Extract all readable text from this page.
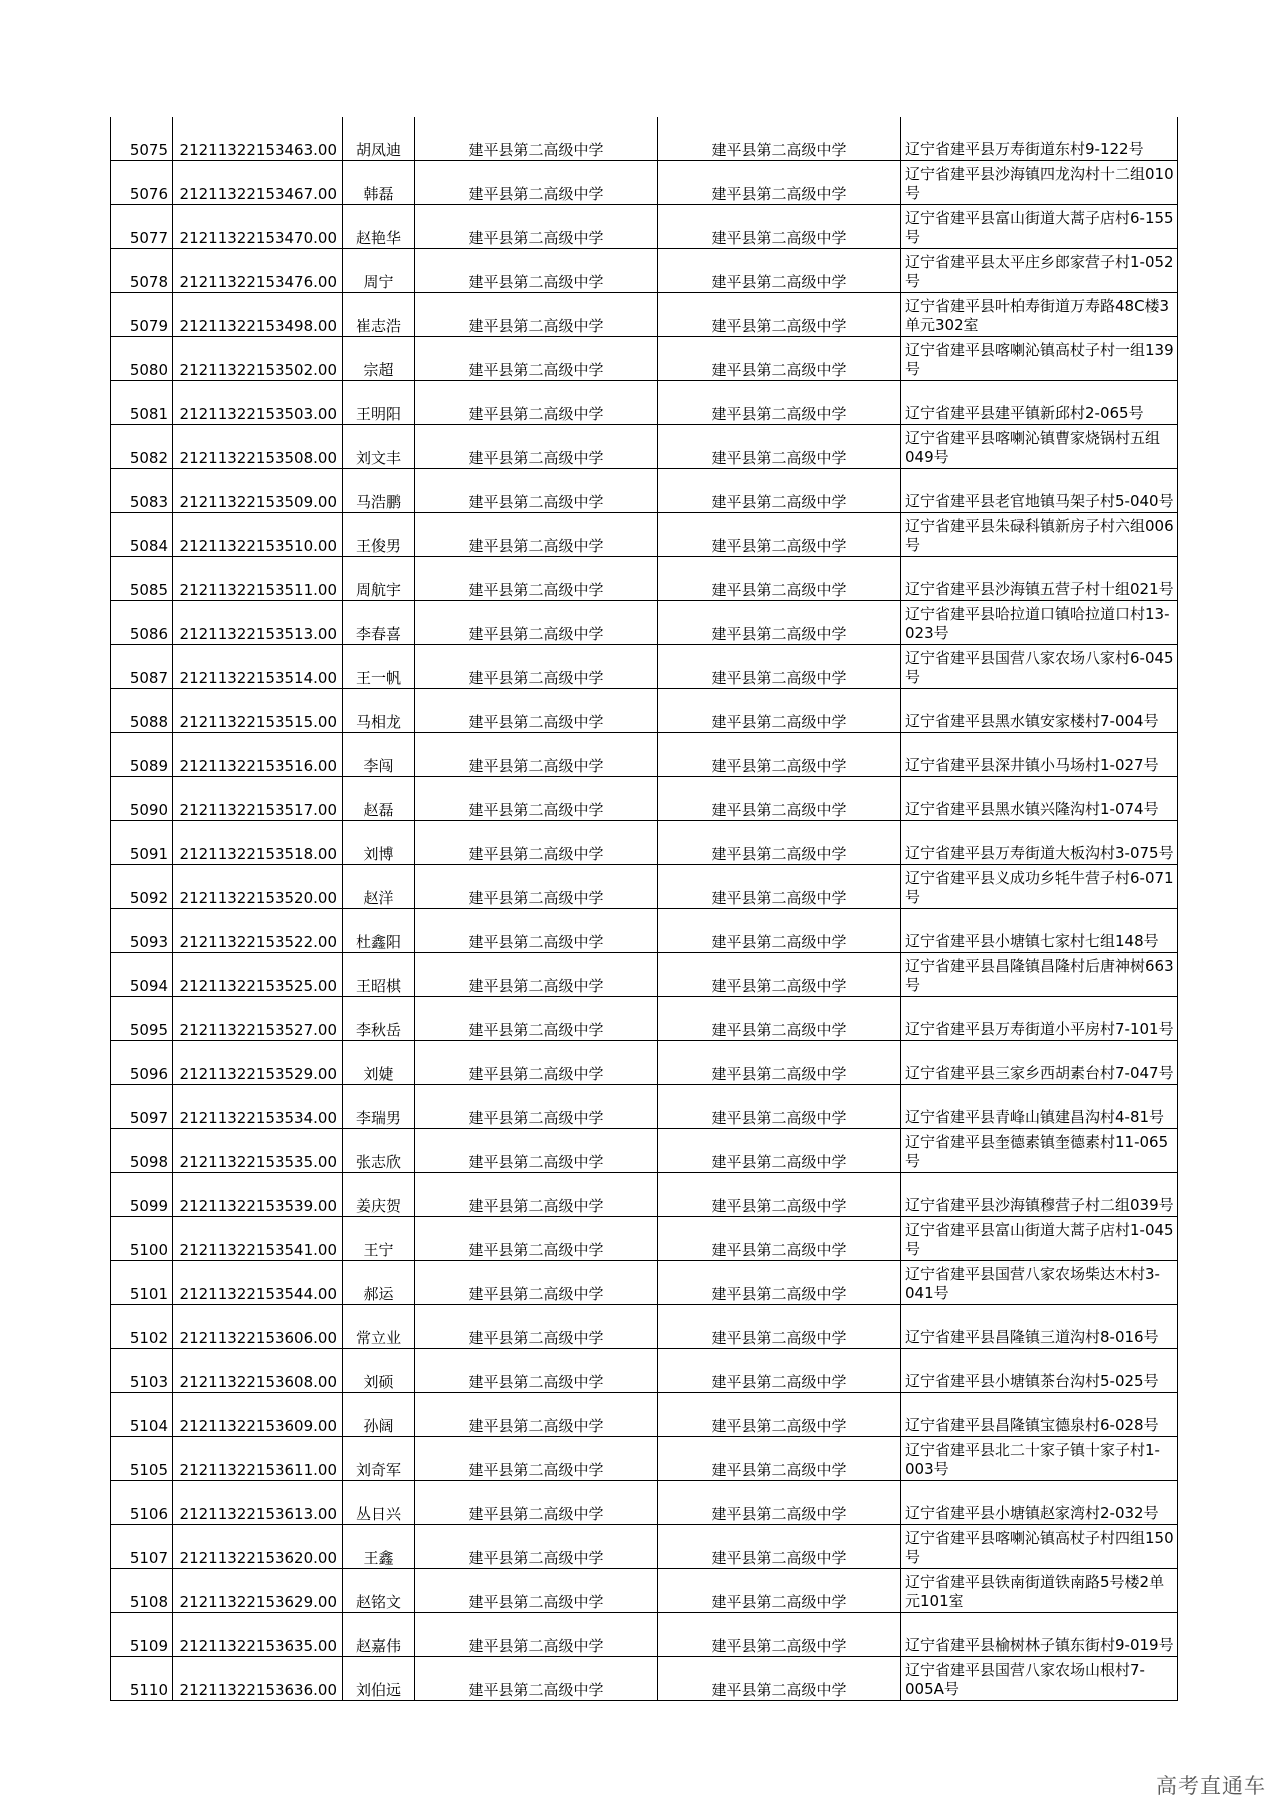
5075	21211322153463.00	胡凤迪	建平县第二高级中学	建平县第二高级中学	辽宁省建平县万寿街道东村9-122号
5076	21211322153467.00	韩磊	建平县第二高级中学	建平县第二高级中学	辽宁省建平县沙海镇四龙沟村十二组010号
5077	21211322153470.00	赵艳华	建平县第二高级中学	建平县第二高级中学	辽宁省建平县富山街道大蒿子店村6-155号
5078	21211322153476.00	周宁	建平县第二高级中学	建平县第二高级中学	辽宁省建平县太平庄乡郎家营子村1-052号
5079	21211322153498.00	崔志浩	建平县第二高级中学	建平县第二高级中学	辽宁省建平县叶柏寿街道万寿路48C楼3单元302室
5080	21211322153502.00	宗超	建平县第二高级中学	建平县第二高级中学	辽宁省建平县喀喇沁镇高杖子村一组139号
5081	21211322153503.00	王明阳	建平县第二高级中学	建平县第二高级中学	辽宁省建平县建平镇新邱村2-065号
5082	21211322153508.00	刘文丰	建平县第二高级中学	建平县第二高级中学	辽宁省建平县喀喇沁镇曹家烧锅村五组049号
5083	21211322153509.00	马浩鹏	建平县第二高级中学	建平县第二高级中学	辽宁省建平县老官地镇马架子村5-040号
5084	21211322153510.00	王俊男	建平县第二高级中学	建平县第二高级中学	辽宁省建平县朱碌科镇新房子村六组006号
5085	21211322153511.00	周航宇	建平县第二高级中学	建平县第二高级中学	辽宁省建平县沙海镇五营子村十组021号
5086	21211322153513.00	李春喜	建平县第二高级中学	建平县第二高级中学	辽宁省建平县哈拉道口镇哈拉道口村13-023号
5087	21211322153514.00	王一帆	建平县第二高级中学	建平县第二高级中学	辽宁省建平县国营八家农场八家村6-045号
5088	21211322153515.00	马相龙	建平县第二高级中学	建平县第二高级中学	辽宁省建平县黑水镇安家楼村7-004号
5089	21211322153516.00	李闯	建平县第二高级中学	建平县第二高级中学	辽宁省建平县深井镇小马场村1-027号
5090	21211322153517.00	赵磊	建平县第二高级中学	建平县第二高级中学	辽宁省建平县黑水镇兴隆沟村1-074号
5091	21211322153518.00	刘博	建平县第二高级中学	建平县第二高级中学	辽宁省建平县万寿街道大板沟村3-075号
5092	21211322153520.00	赵洋	建平县第二高级中学	建平县第二高级中学	辽宁省建平县义成功乡牦牛营子村6-071号
5093	21211322153522.00	杜鑫阳	建平县第二高级中学	建平县第二高级中学	辽宁省建平县小塘镇七家村七组148号
5094	21211322153525.00	王昭棋	建平县第二高级中学	建平县第二高级中学	辽宁省建平县昌隆镇昌隆村后唐神树663号
5095	21211322153527.00	李秋岳	建平县第二高级中学	建平县第二高级中学	辽宁省建平县万寿街道小平房村7-101号
5096	21211322153529.00	刘婕	建平县第二高级中学	建平县第二高级中学	辽宁省建平县三家乡西胡素台村7-047号
5097	21211322153534.00	李瑞男	建平县第二高级中学	建平县第二高级中学	辽宁省建平县青峰山镇建昌沟村4-81号
5098	21211322153535.00	张志欣	建平县第二高级中学	建平县第二高级中学	辽宁省建平县奎德素镇奎德素村11-065号
5099	21211322153539.00	姜庆贺	建平县第二高级中学	建平县第二高级中学	辽宁省建平县沙海镇穆营子村二组039号
5100	21211322153541.00	王宁	建平县第二高级中学	建平县第二高级中学	辽宁省建平县富山街道大蒿子店村1-045号
5101	21211322153544.00	郝运	建平县第二高级中学	建平县第二高级中学	辽宁省建平县国营八家农场柴达木村3-041号
5102	21211322153606.00	常立业	建平县第二高级中学	建平县第二高级中学	辽宁省建平县昌隆镇三道沟村8-016号
5103	21211322153608.00	刘硕	建平县第二高级中学	建平县第二高级中学	辽宁省建平县小塘镇茶台沟村5-025号
5104	21211322153609.00	孙阔	建平县第二高级中学	建平县第二高级中学	辽宁省建平县昌隆镇宝德泉村6-028号
5105	21211322153611.00	刘奇军	建平县第二高级中学	建平县第二高级中学	辽宁省建平县北二十家子镇十家子村1-003号
5106	21211322153613.00	丛日兴	建平县第二高级中学	建平县第二高级中学	辽宁省建平县小塘镇赵家湾村2-032号
5107	21211322153620.00	王鑫	建平县第二高级中学	建平县第二高级中学	辽宁省建平县喀喇沁镇高杖子村四组150号
5108	21211322153629.00	赵铭文	建平县第二高级中学	建平县第二高级中学	辽宁省建平县铁南街道铁南路5号楼2单元101室
5109	21211322153635.00	赵嘉伟	建平县第二高级中学	建平县第二高级中学	辽宁省建平县榆树林子镇东街村9-019号
5110	21211322153636.00	刘伯远	建平县第二高级中学	建平县第二高级中学	辽宁省建平县国营八家农场山根村7-005A号
高考直通车
